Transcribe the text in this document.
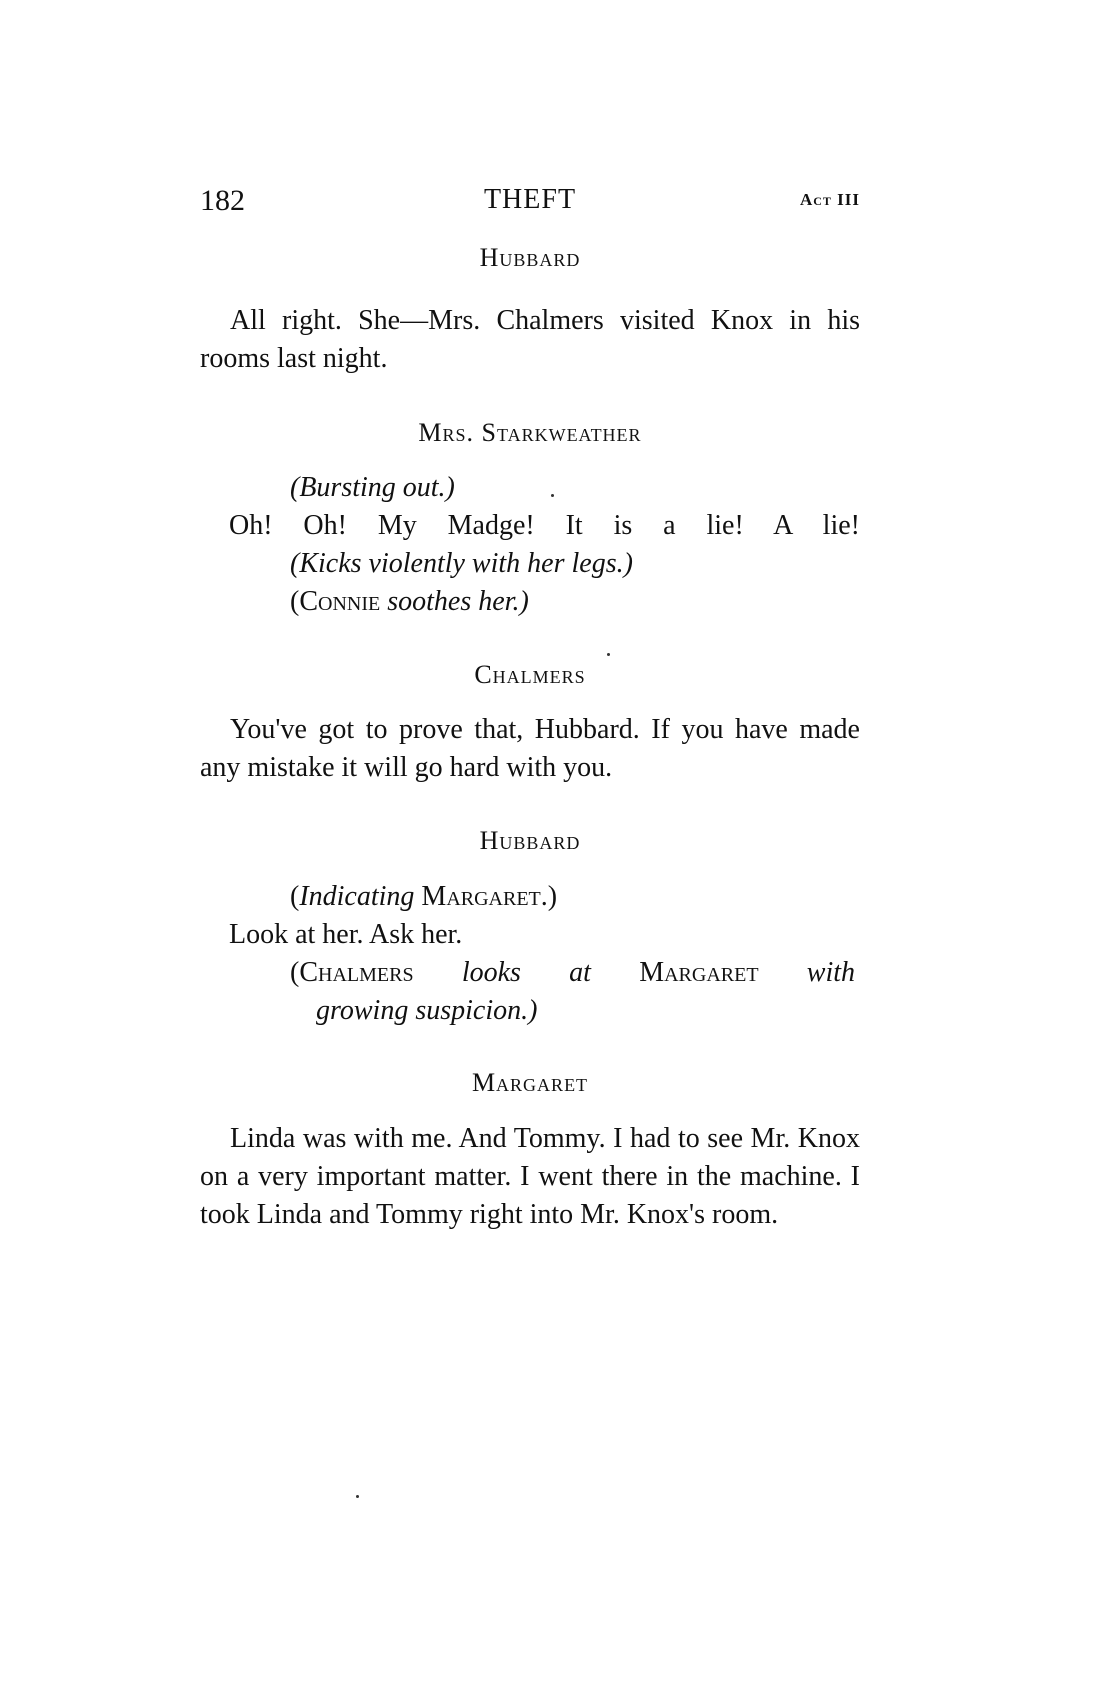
182	THEFT	Act III
Hubbard

All right. She—Mrs. Chalmers visited Knox in his rooms last night.

Mrs. Starkweather

(Bursting out.)

Oh! Oh! My Madge! It is a lie! A lie!

(Kicks violently with her legs.)

(Connie soothes her.)

Chalmers

You've got to prove that, Hubbard. If you have made any mistake it will go hard with you.

Hubbard

(Indicating Margaret.)

Look at her. Ask her.

(Chalmers looks at Margaret with

growing suspicion.)

Margaret

Linda was with me. And Tommy. I had to see Mr. Knox on a very important matter. I went there in the machine. I took Linda and Tommy right into Mr. Knox's room.
